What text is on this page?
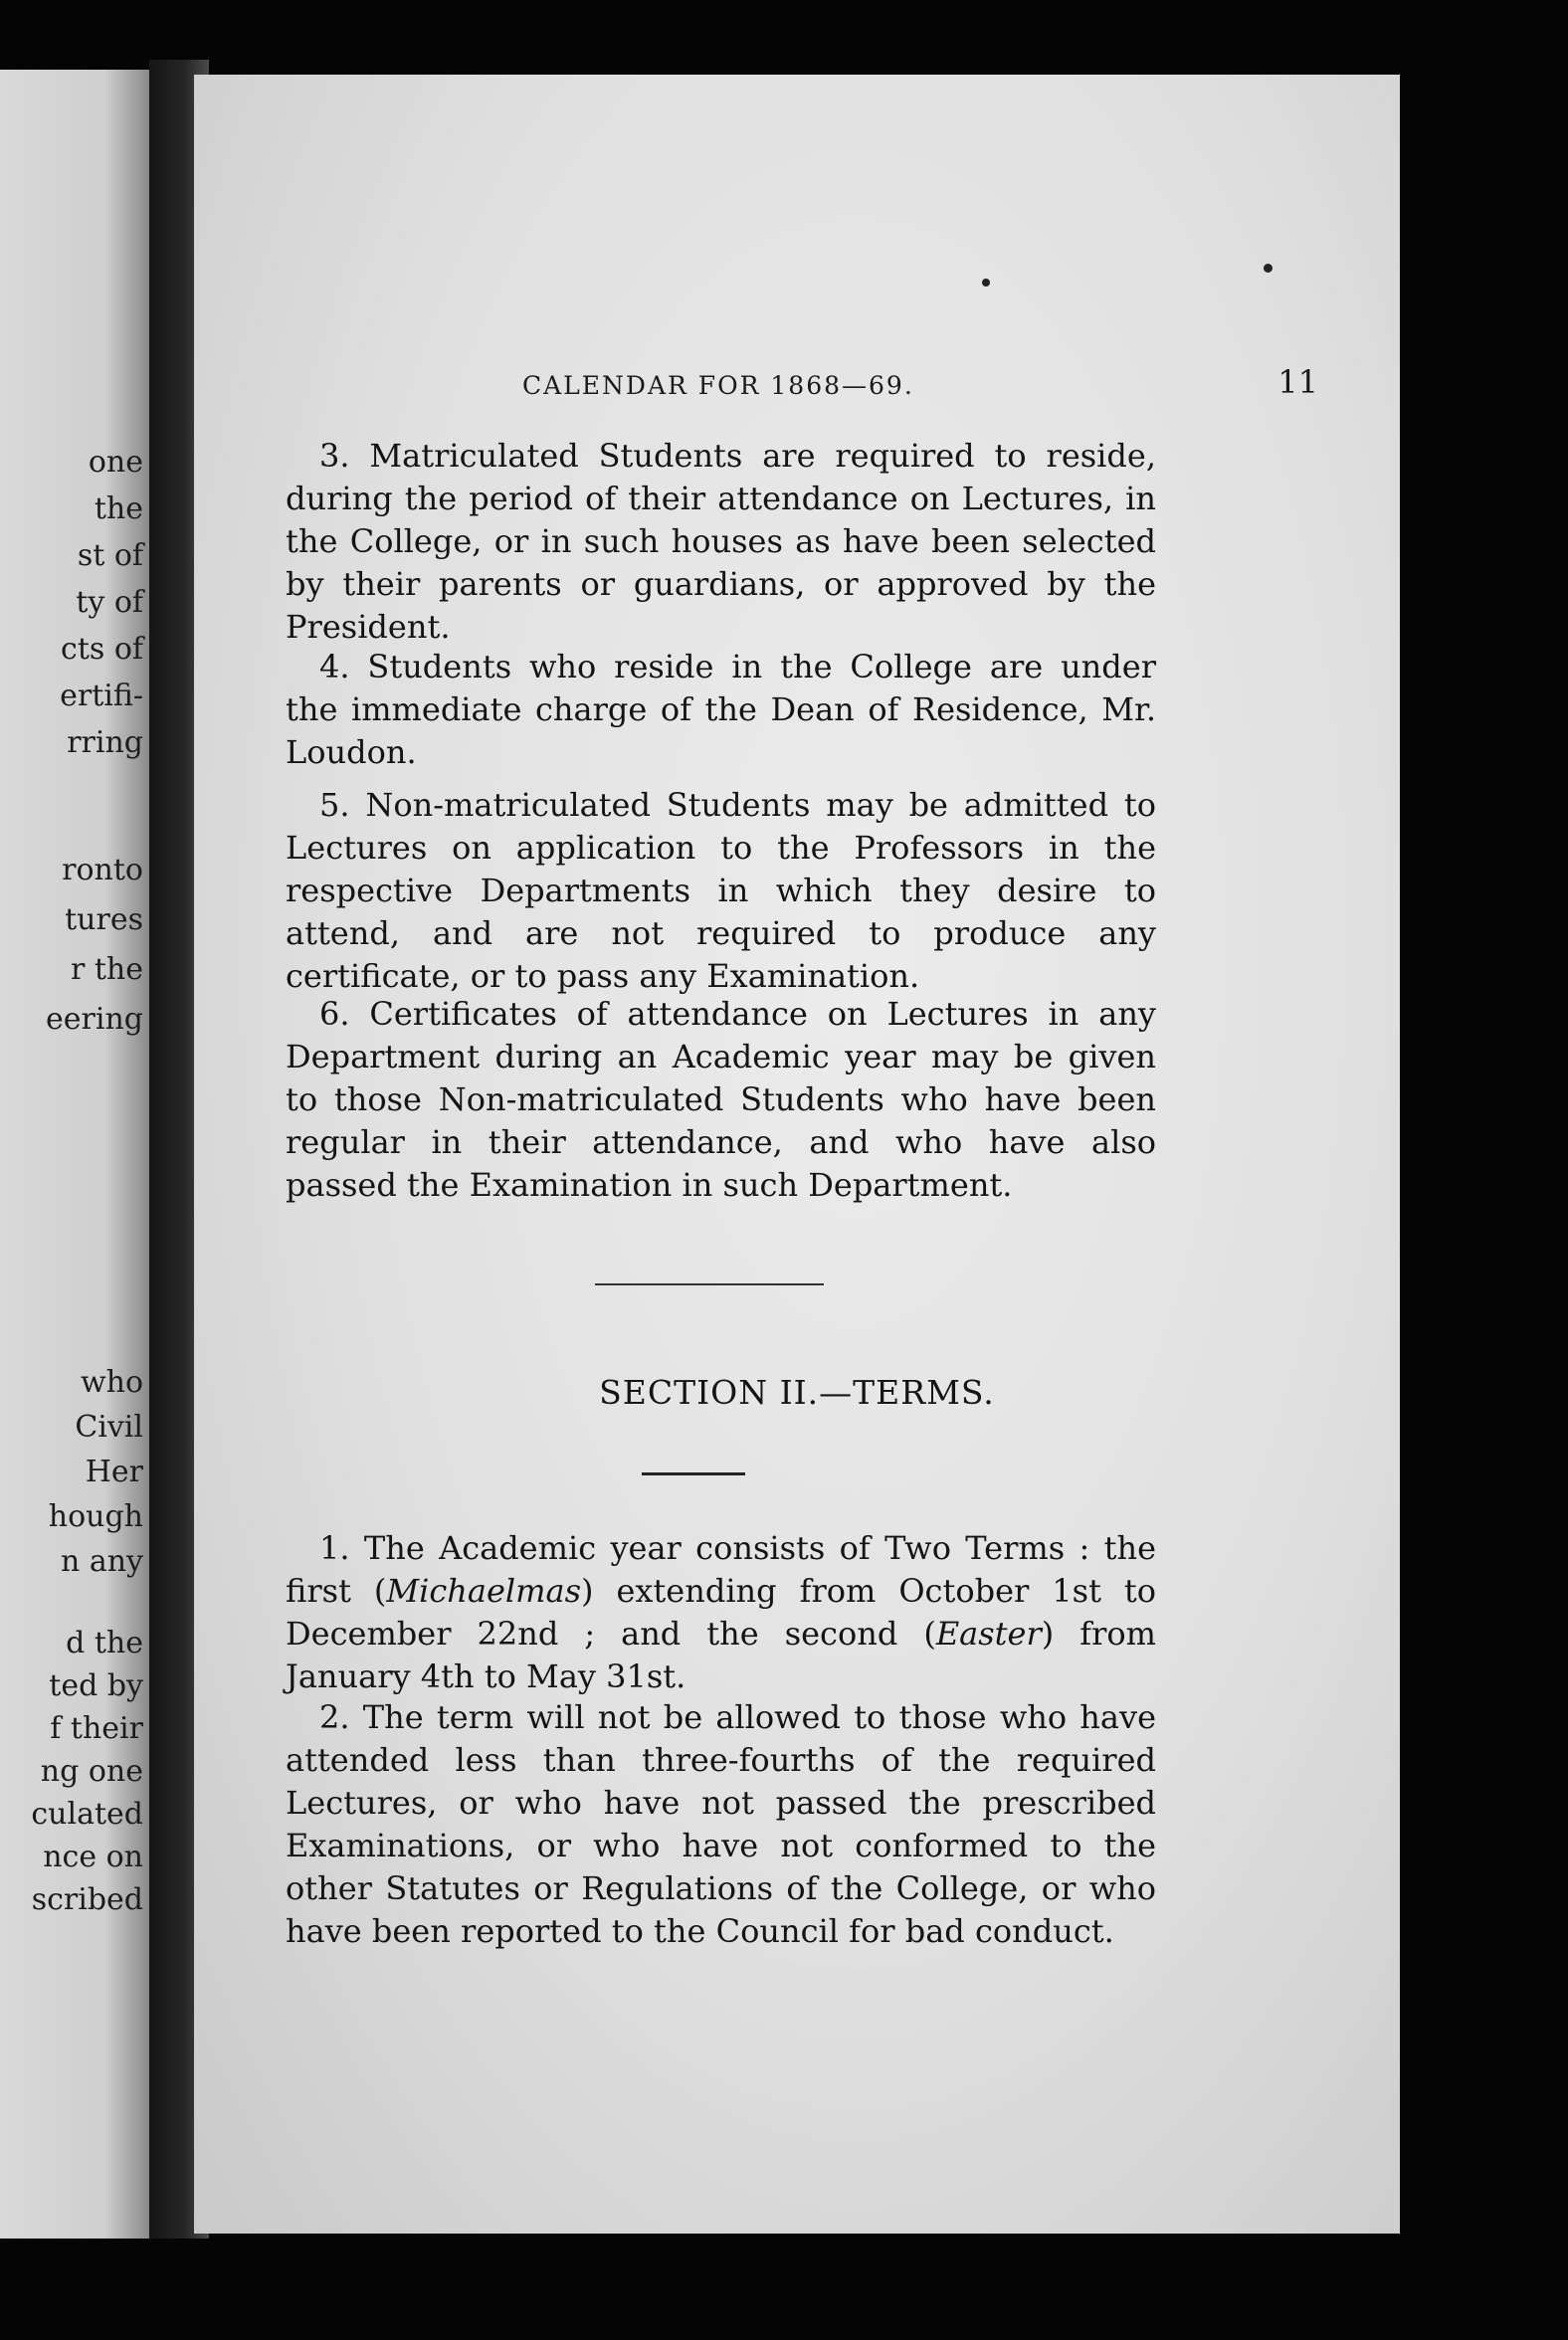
one
the
st of
ty of
cts of
ertifi-
rring
ronto
tures
r the
eering
who
Civil
Her
hough
n any
d the
ted by
f their
ng one
culated
nce on
scribed
CALENDAR FOR 1868—69.	11

3. Matriculated Students are required to reside, during the period of their attendance on Lectures, in the College, or in such houses as have been selected by their parents or guardians, or approved by the President.

4. Students who reside in the College are under the immediate charge of the Dean of Residence, Mr. Loudon.

5. Non-matriculated Students may be admitted to Lectures on application to the Professors in the respective Departments in which they desire to attend, and are not required to produce any certificate, or to pass any Examination.

6. Certificates of attendance on Lectures in any Department during an Academic year may be given to those Non-matriculated Students who have been regular in their attendance, and who have also passed the Examination in such Department.

SECTION II.—TERMS.

1. The Academic year consists of Two Terms : the first (Michaelmas) extending from October 1st to December 22nd ; and the second (Easter) from January 4th to May 31st.

2. The term will not be allowed to those who have attended less than three-fourths of the required Lectures, or who have not passed the prescribed Examinations, or who have not conformed to the other Statutes or Regulations of the College, or who have been reported to the Council for bad conduct.
